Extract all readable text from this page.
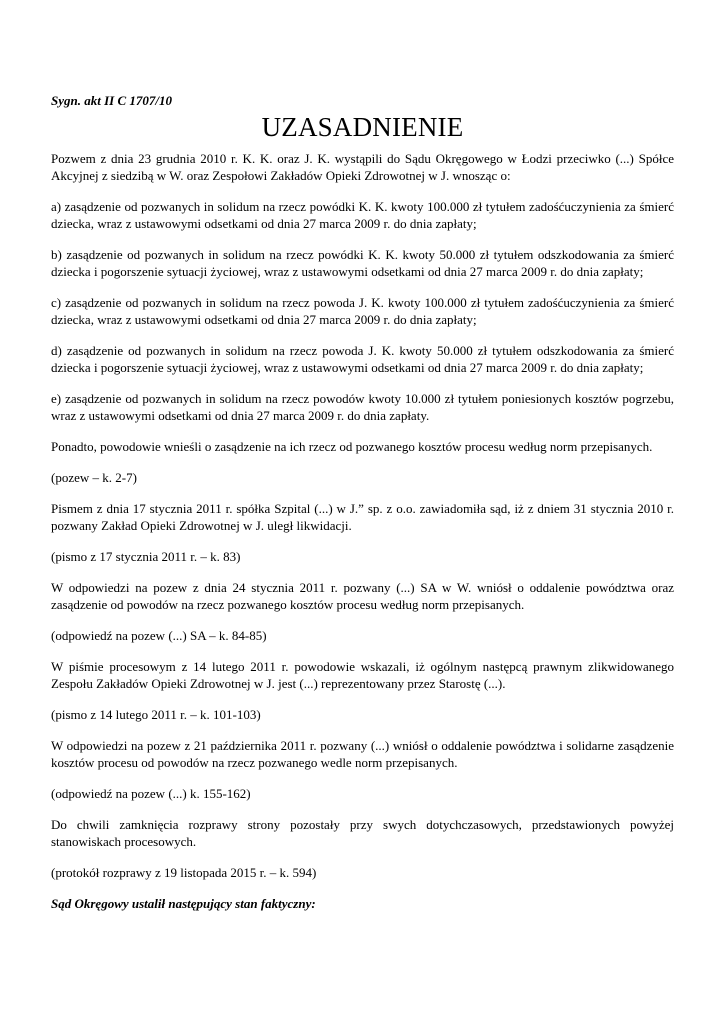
Sygn. akt II C 1707/10

UZASADNIENIE

Pozwem z dnia 23 grudnia 2010 r. K. K. oraz J. K. wystąpili do Sądu Okręgowego w Łodzi przeciwko (...) Spółce Akcyjnej z siedzibą w W. oraz Zespołowi Zakładów Opieki Zdrowotnej w J. wnosząc o:

a) zasądzenie od pozwanych in solidum na rzecz powódki K. K. kwoty 100.000 zł tytułem zadośćuczynienia za śmierć dziecka, wraz z ustawowymi odsetkami od dnia 27 marca 2009 r. do dnia zapłaty;

b) zasądzenie od pozwanych in solidum na rzecz powódki K. K. kwoty 50.000 zł tytułem odszkodowania za śmierć dziecka i pogorszenie sytuacji życiowej, wraz z ustawowymi odsetkami od dnia 27 marca 2009 r. do dnia zapłaty;

c) zasądzenie od pozwanych in solidum na rzecz powoda J. K. kwoty 100.000 zł tytułem zadośćuczynienia za śmierć dziecka, wraz z ustawowymi odsetkami od dnia 27 marca 2009 r. do dnia zapłaty;

d) zasądzenie od pozwanych in solidum na rzecz powoda J. K. kwoty 50.000 zł tytułem odszkodowania za śmierć dziecka i pogorszenie sytuacji życiowej, wraz z ustawowymi odsetkami od dnia 27 marca 2009 r. do dnia zapłaty;

e) zasądzenie od pozwanych in solidum na rzecz powodów kwoty 10.000 zł tytułem poniesionych kosztów pogrzebu, wraz z ustawowymi odsetkami od dnia 27 marca 2009 r. do dnia zapłaty.

Ponadto, powodowie wnieśli o zasądzenie na ich rzecz od pozwanego kosztów procesu według norm przepisanych.

(pozew – k. 2-7)

Pismem z dnia 17 stycznia 2011 r. spółka Szpital (...) w J.” sp. z o.o. zawiadomiła sąd, iż z dniem 31 stycznia 2010 r. pozwany Zakład Opieki Zdrowotnej w J. uległ likwidacji.

(pismo z 17 stycznia 2011 r. – k. 83)

W odpowiedzi na pozew z dnia 24 stycznia 2011 r. pozwany (...) SA w W. wniósł o oddalenie powództwa oraz zasądzenie od powodów na rzecz pozwanego kosztów procesu według norm przepisanych.

(odpowiedź na pozew (...) SA – k. 84-85)

W piśmie procesowym z 14 lutego 2011 r. powodowie wskazali, iż ogólnym następcą prawnym zlikwidowanego Zespołu Zakładów Opieki Zdrowotnej w J. jest (...) reprezentowany przez Starostę (...).

(pismo z 14 lutego 2011 r. – k. 101-103)

W odpowiedzi na pozew z 21 października 2011 r. pozwany (...) wniósł o oddalenie powództwa i solidarne zasądzenie kosztów procesu od powodów na rzecz pozwanego wedle norm przepisanych.

(odpowiedź na pozew (...) k. 155-162)

Do chwili zamknięcia rozprawy strony pozostały przy swych dotychczasowych, przedstawionych powyżej stanowiskach procesowych.

(protokół rozprawy z 19 listopada 2015 r. – k. 594)

Sąd Okręgowy ustalił następujący stan faktyczny:
